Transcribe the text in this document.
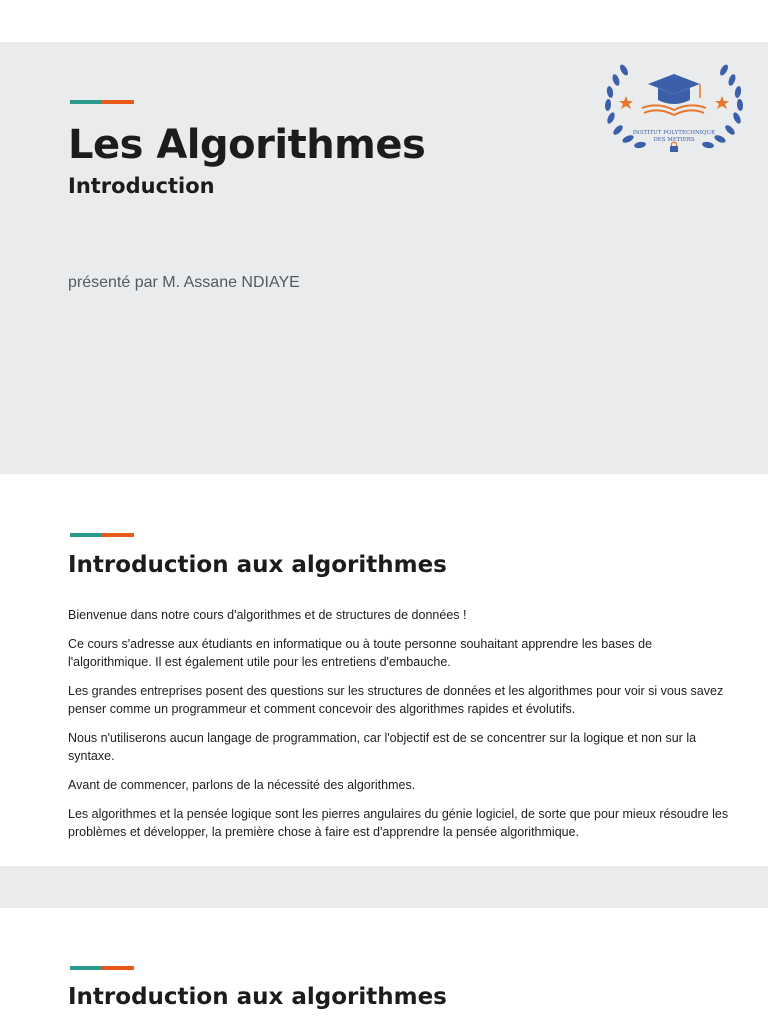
Les Algorithmes
Introduction

présenté par M. Assane NDIAYE

INSTITUT POLYTECHNIQUE
DES METIERS
Introduction aux algorithmes

Bienvenue dans notre cours d'algorithmes et de structures de données !

Ce cours s'adresse aux étudiants en informatique ou à toute personne souhaitant apprendre les bases de l'algorithmique. Il est également utile pour les entretiens d'embauche.

Les grandes entreprises posent des questions sur les structures de données et les algorithmes pour voir si vous savez penser comme un programmeur et comment concevoir des algorithmes rapides et évolutifs.

Nous n'utiliserons aucun langage de programmation, car l'objectif est de se concentrer sur la logique et non sur la syntaxe.

Avant de commencer, parlons de la nécessité des algorithmes.

Les algorithmes et la pensée logique sont les pierres angulaires du génie logiciel, de sorte que pour mieux résoudre les problèmes et développer, la première chose à faire est d'apprendre la pensée algorithmique.

Introduction aux algorithmes
